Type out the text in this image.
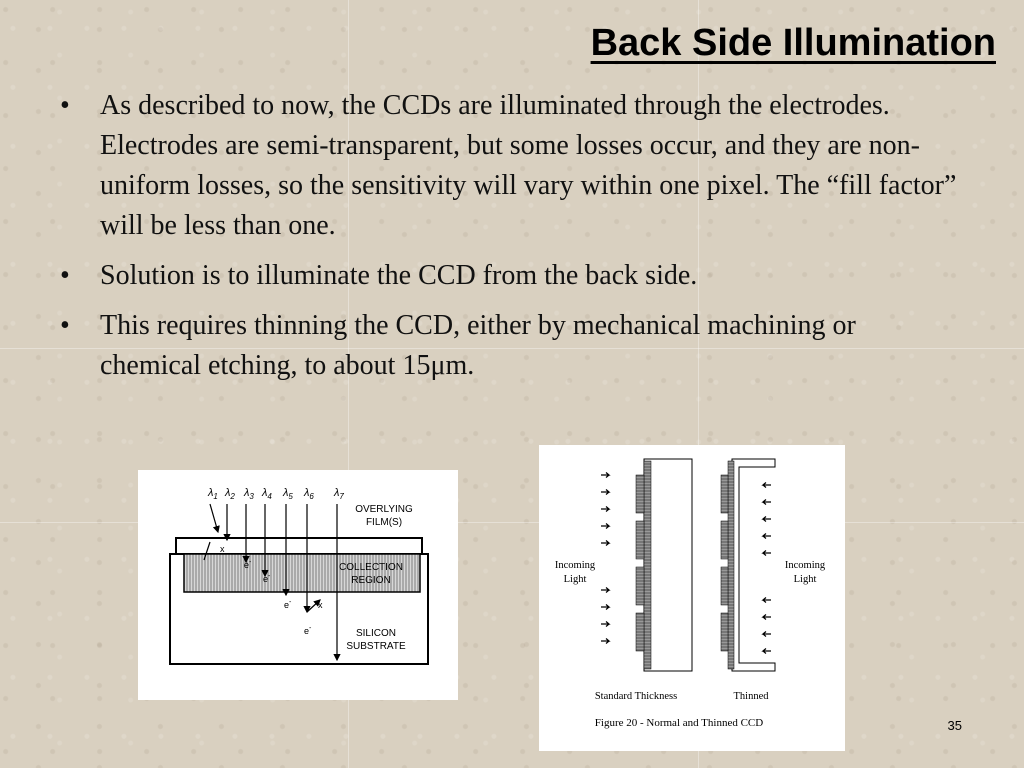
Back Side Illumination
• As described to now, the CCDs are illuminated through the electrodes. Electrodes are semi-transparent, but some losses occur, and they are non-uniform losses, so the sensitivity will vary within one pixel. The “fill factor” will be less than one.
• Solution is to illuminate the CCD from the back side.
• This requires thinning the CCD, either by mechanical machining or chemical etching, to about 15μm.
$\lambda_1$ $\lambda_2$ $\lambda_3$ $\lambda_4$ $\lambda_5$ $\lambda_6$ $\lambda_7$
x
e-
e-
e-	x
e-
OVERLYING
FILM(S)
COLLECTION
REGION
SILICON
SUBSTRATE
Incoming
Light
Incoming
Light
Standard Thickness	Thinned
Figure 20 - Normal and Thinned CCD	35
